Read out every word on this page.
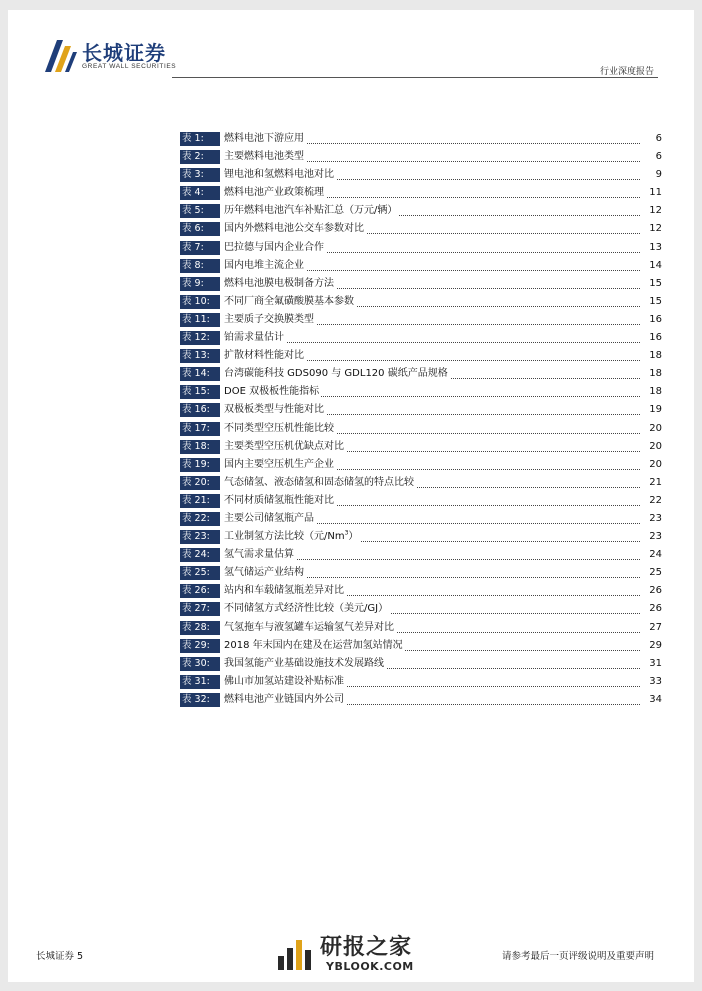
长城证券
GREAT WALL SECURITIES
行业深度报告
表 1:	燃料电池下游应用	6
表 2:	主要燃料电池类型	6
表 3:	锂电池和氢燃料电池对比	9
表 4:	燃料电池产业政策梳理	11
表 5:	历年燃料电池汽车补贴汇总（万元/辆）	12
表 6:	国内外燃料电池公交车参数对比	12
表 7:	巴拉德与国内企业合作	13
表 8:	国内电堆主流企业	14
表 9:	燃料电池膜电极制备方法	15
表 10:	不同厂商全氟磺酸膜基本参数	15
表 11:	主要质子交换膜类型	16
表 12:	铂需求量估计	16
表 13:	扩散材料性能对比	18
表 14:	台湾碳能科技 GDS090 与 GDL120 碳纸产品规格	18
表 15:	DOE 双极板性能指标	18
表 16:	双极板类型与性能对比	19
表 17:	不同类型空压机性能比较	20
表 18:	主要类型空压机优缺点对比	20
表 19:	国内主要空压机生产企业	20
表 20:	气态储氢、液态储氢和固态储氢的特点比较	21
表 21:	不同材质储氢瓶性能对比	22
表 22:	主要公司储氢瓶产品	23
表 23:	工业制氢方法比较（元/Nm$^3$）	23
表 24:	氢气需求量估算	24
表 25:	氢气储运产业结构	25
表 26:	站内和车载储氢瓶差异对比	26
表 27:	不同储氢方式经济性比较（美元/GJ）	26
表 28:	气氢拖车与液氢罐车运输氢气差异对比	27
表 29:	2018 年末国内在建及在运营加氢站情况	29
表 30:	我国氢能产业基础设施技术发展路线	31
表 31:	佛山市加氢站建设补贴标准	33
表 32:	燃料电池产业链国内外公司	34
长城证券 5	请参考最后一页评级说明及重要声明
研报之家
YBLOOK.COM
